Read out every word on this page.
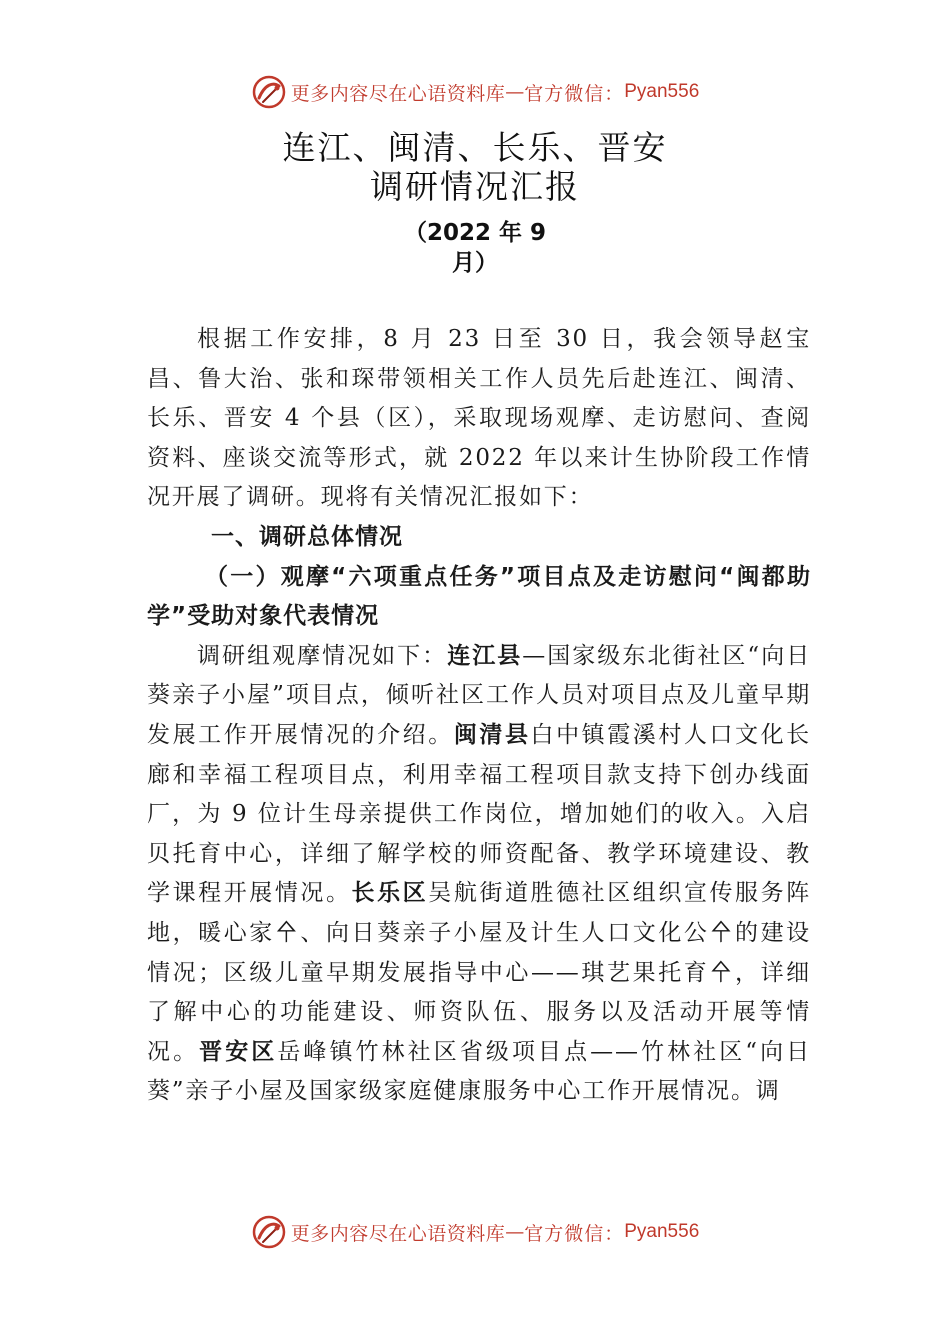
更多内容尽在心语资料库 — 官方微信： Pyan556
连江、闽清、长乐、晋安
调研情况汇报
（2022 年 9
月）

根据工作安排，8 月 23 日至 30 日，我会领导赵宝昌、鲁大治、张和琛带领相关工作人员先后赴连江、闽清、长乐、晋安 4 个县（区），采取现场观摩、走访慰问、查阅资料、座谈交流等形式，就 2022 年以来计生协阶段工作情况开展了调研。现将有关情况汇报如下：

一、调研总体情况

（一）观摩“六项重点任务”项目点及走访慰问“闽都助学”受助对象代表情况

调研组观摩情况如下：连江县—国家级东北街社区“向日葵亲子小屋”项目点，倾听社区工作人员对项目点及儿童早期发展工作开展情况的介绍。闽清县白中镇霞溪村人口文化长廊和幸福工程项目点，利用幸福工程项目款支持下创办线面厂，为 9 位计生母亲提供工作岗位，增加她们的收入。入启贝托育中心，详细了解学校的师资配备、教学环境建设、教学课程开展情况。长乐区吴航街道胜德社区组织宣传服务阵地，暖心家㐃、向日葵亲子小屋及计生人口文化公㐃的建设情况；区级儿童早期发展指导中心——琪艺果托育㐃，详细了解中心的功能建设、师资队伍、服务以及活动开展等情况。晋安区岳峰镇竹林社区省级项目点——竹林社区“向日葵”亲子小屋及国家级家庭健康服务中心工作开展情况。调

更多内容尽在心语资料库 — 官方微信： Pyan556
